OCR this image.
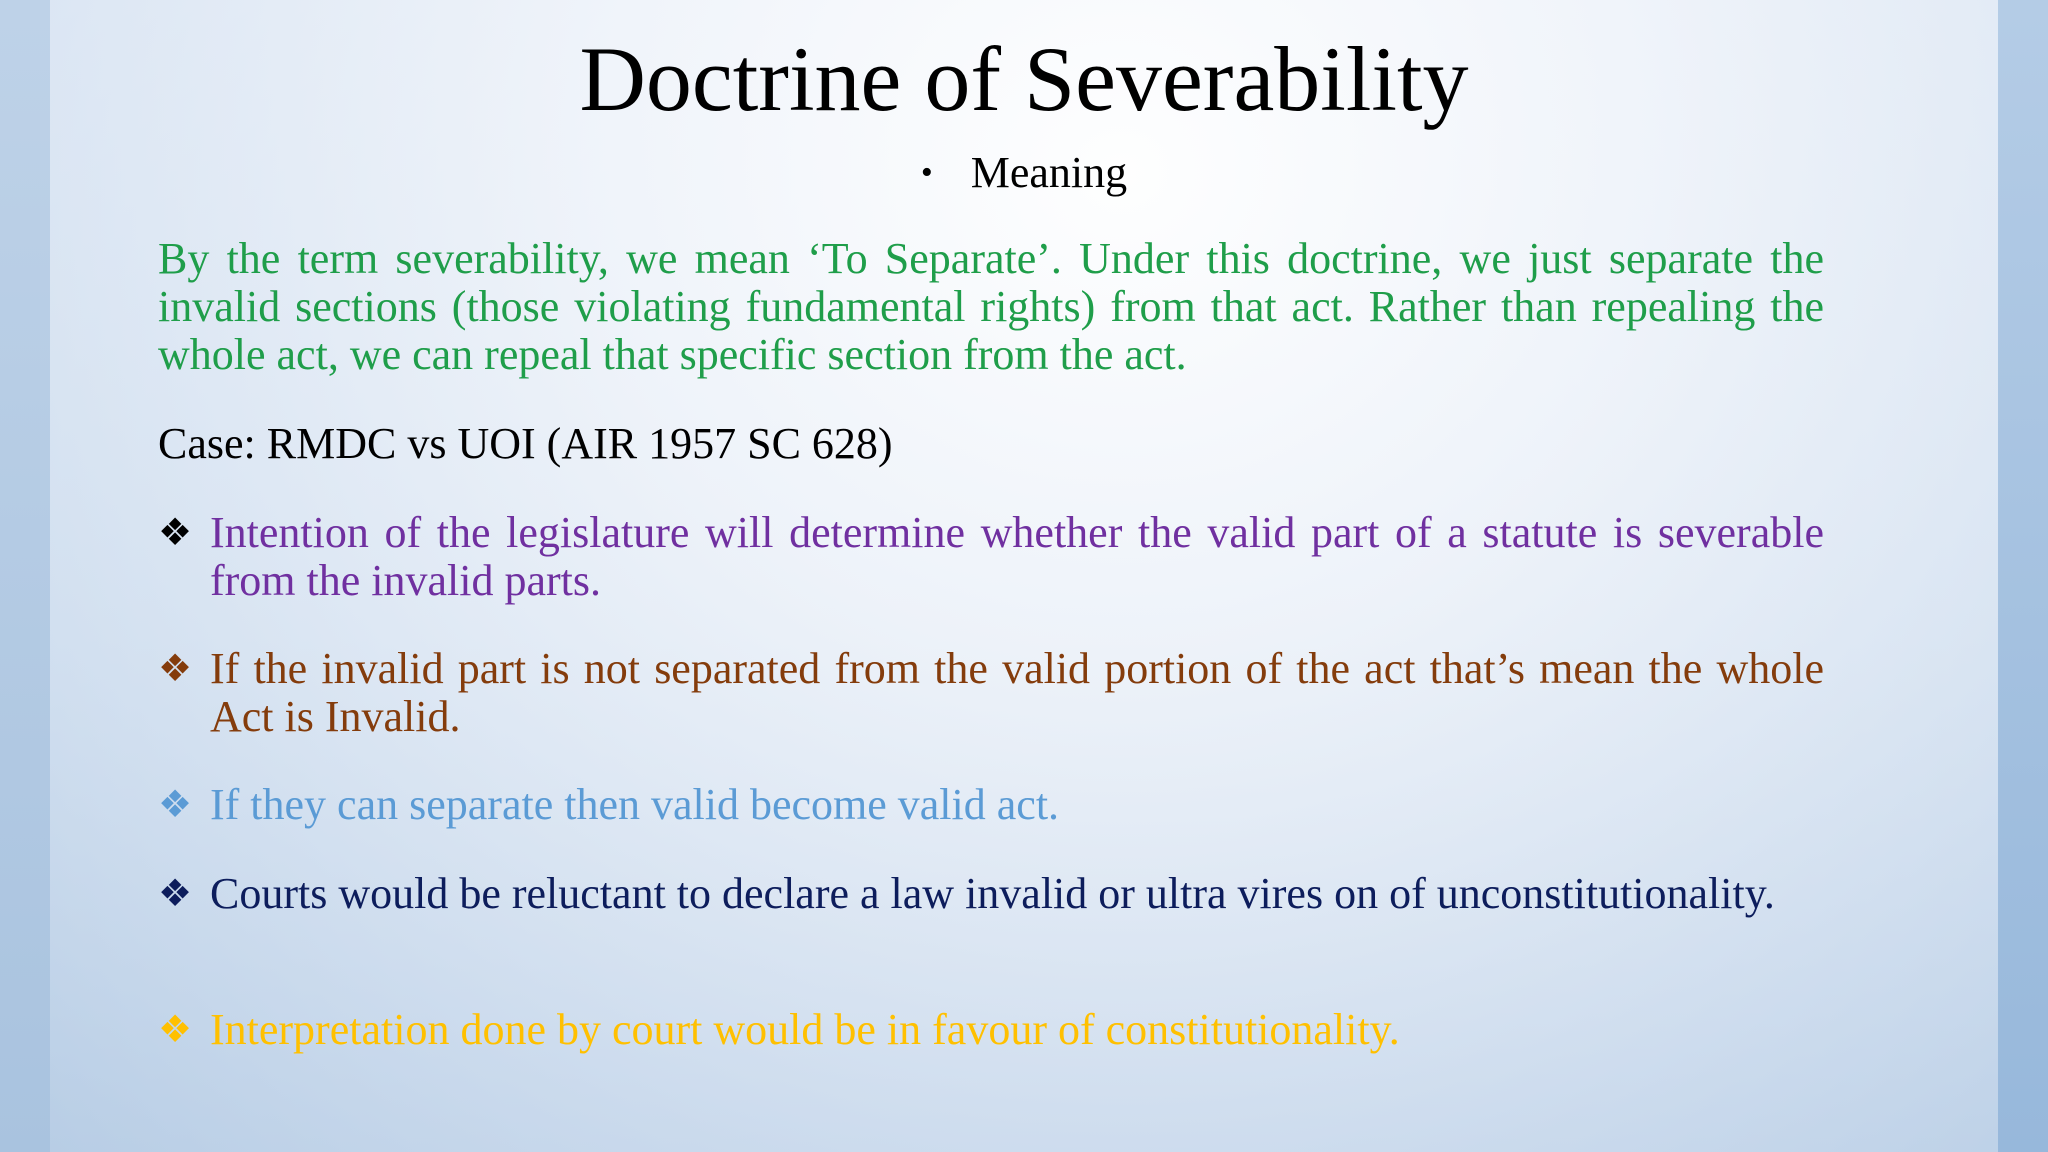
Doctrine of Severability
• Meaning

By the term severability, we mean ‘To Separate’. Under this doctrine, we just separate the invalid sections (those violating fundamental rights) from that act. Rather than repealing the whole act, we can repeal that specific section from the act.

Case: RMDC vs UOI (AIR 1957 SC 628)

❖ Intention of the legislature will determine whether the valid part of a statute is severable from the invalid parts.
❖ If the invalid part is not separated from the valid portion of the act that’s mean the whole Act is Invalid.
❖ If they can separate then valid become valid act.
❖ Courts would be reluctant to declare a law invalid or ultra vires on of unconstitutionality.
❖ Interpretation done by court would be in favour of constitutionality.
